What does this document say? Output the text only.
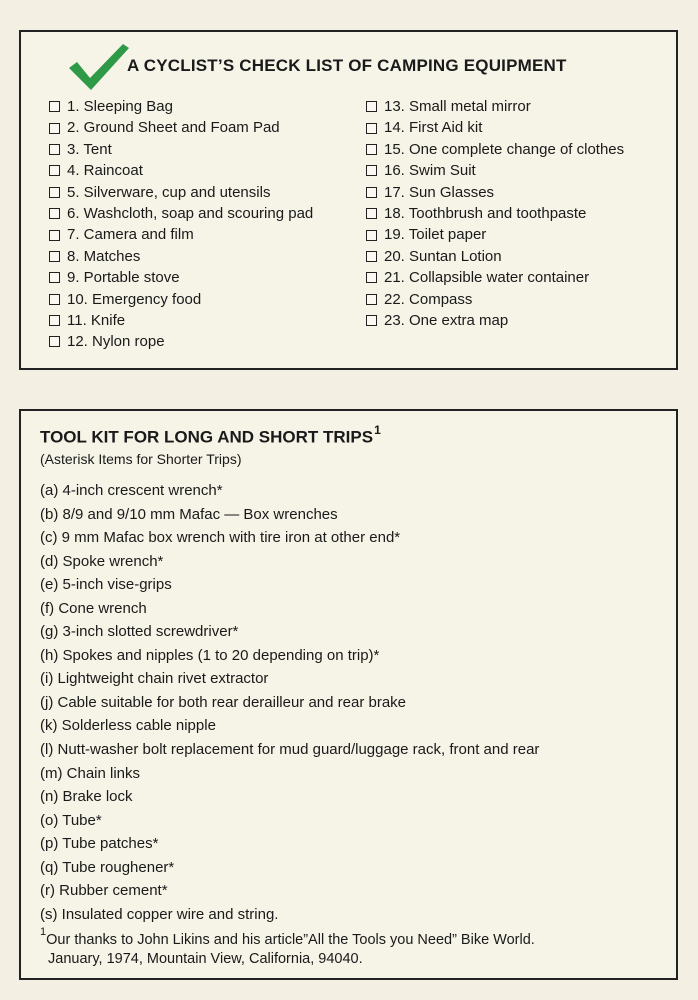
A CYCLIST’S CHECK LIST OF CAMPING EQUIPMENT
1. Sleeping Bag
2. Ground Sheet and Foam Pad
3. Tent
4. Raincoat
5. Silverware, cup and utensils
6. Washcloth, soap and scouring pad
7. Camera and film
8. Matches
9. Portable stove
10. Emergency food
11. Knife
12. Nylon rope
13. Small metal mirror
14. First Aid kit
15. One complete change of clothes
16. Swim Suit
17. Sun Glasses
18. Toothbrush and toothpaste
19. Toilet paper
20. Suntan Lotion
21. Collapsible water container
22. Compass
23. One extra map
TOOL KIT FOR LONG AND SHORT TRIPS$^1$
(Asterisk Items for Shorter Trips)
(a) 4-inch crescent wrench*
(b) 8/9 and 9/10 mm Mafac — Box wrenches
(c) 9 mm Mafac box wrench with tire iron at other end*
(d) Spoke wrench*
(e) 5-inch vise-grips
(f) Cone wrench
(g) 3-inch slotted screwdriver*
(h) Spokes and nipples (1 to 20 depending on trip)*
(i) Lightweight chain rivet extractor
(j) Cable suitable for both rear derailleur and rear brake
(k) Solderless cable nipple
(l) Nutt-washer bolt replacement for mud guard/luggage rack, front and rear
(m) Chain links
(n) Brake lock
(o) Tube*
(p) Tube patches*
(q) Tube roughener*
(r) Rubber cement*
(s) Insulated copper wire and string.
$^1$Our thanks to John Likins and his article”All the Tools you Need” Bike World.
January, 1974, Mountain View, California, 94040.
